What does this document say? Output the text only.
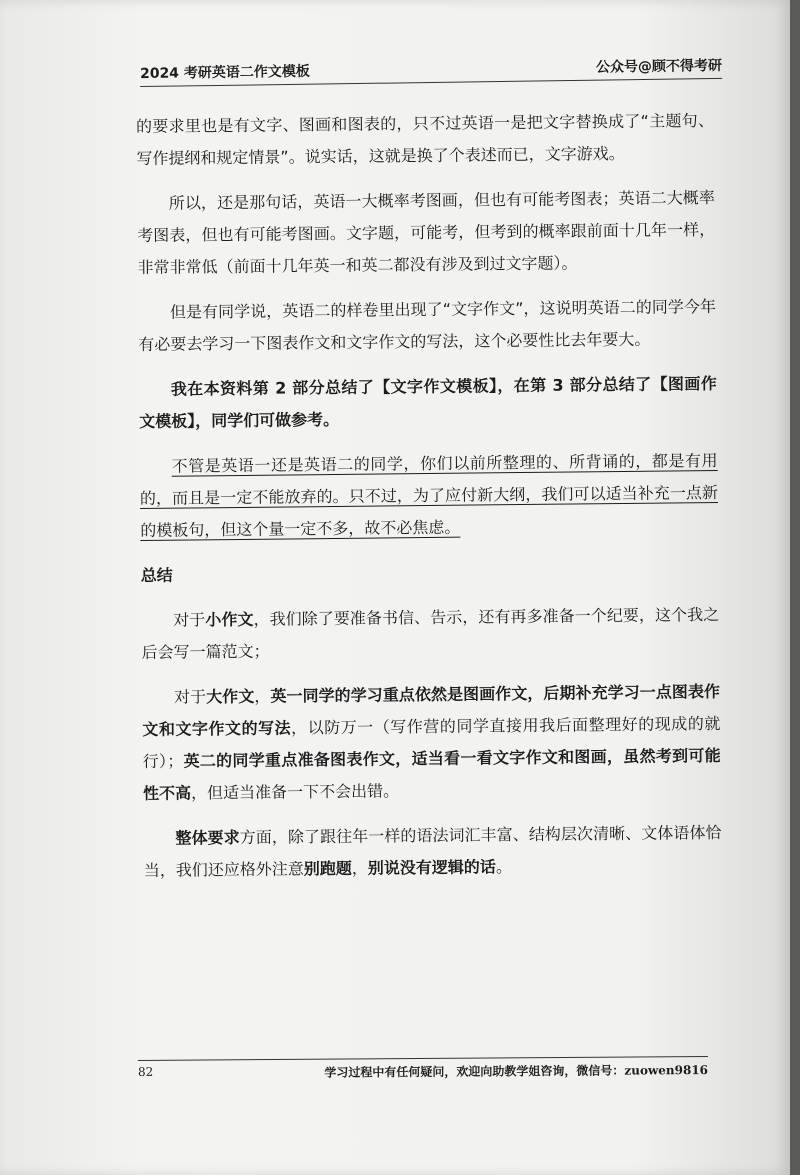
2024 考研英语二作文模板	公众号@顾不得考研

的要求里也是有文字、图画和图表的，只不过英语一是把文字替换成了“主题句、写作提纲和规定情景”。说实话，这就是换了个表述而已，文字游戏。

所以，还是那句话，英语一大概率考图画，但也有可能考图表；英语二大概率考图表，但也有可能考图画。文字题，可能考，但考到的概率跟前面十几年一样，非常非常低（前面十几年英一和英二都没有涉及到过文字题）。

但是有同学说，英语二的样卷里出现了“文字作文”，这说明英语二的同学今年有必要去学习一下图表作文和文字作文的写法，这个必要性比去年要大。

我在本资料第 2 部分总结了【文字作文模板】，在第 3 部分总结了【图画作文模板】，同学们可做参考。

不管是英语一还是英语二的同学，你们以前所整理的、所背诵的，都是有用的，而且是一定不能放弃的。只不过，为了应付新大纲，我们可以适当补充一点新的模板句，但这个量一定不多，故不必焦虑。

总结

对于小作文，我们除了要准备书信、告示，还有再多准备一个纪要，这个我之后会写一篇范文；

对于大作文，英一同学的学习重点依然是图画作文，后期补充学习一点图表作文和文字作文的写法，以防万一（写作营的同学直接用我后面整理好的现成的就行）；英二的同学重点准备图表作文，适当看一看文字作文和图画，虽然考到可能性不高，但适当准备一下不会出错。

整体要求方面，除了跟往年一样的语法词汇丰富、结构层次清晰、文体语体恰当，我们还应格外注意别跑题，别说没有逻辑的话。

82	学习过程中有任何疑问，欢迎向助教学姐咨询，微信号：zuowen9816
